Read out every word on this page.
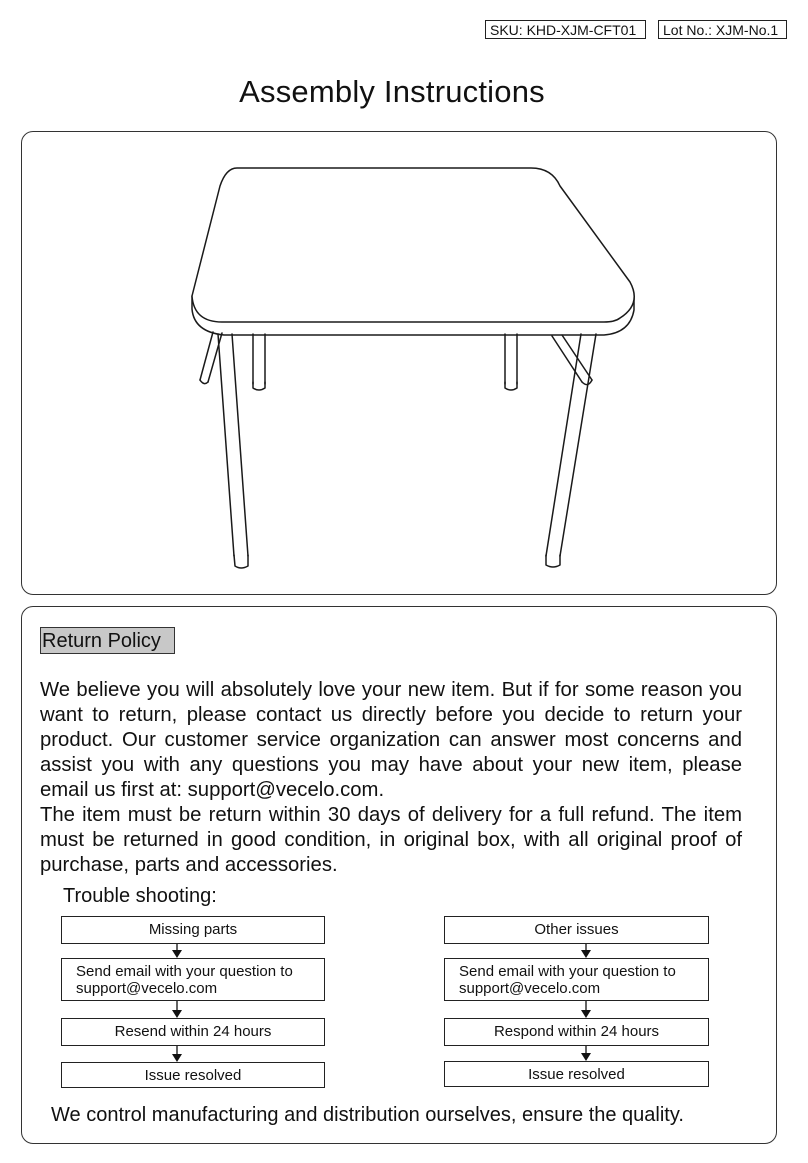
SKU: KHD-XJM-CFT01	Lot No.: XJM-No.1
Assembly Instructions
Return Policy

We believe you will absolutely love your new item. But if for some reason you want to return, please contact us directly before you decide to return your product. Our customer service organization can answer most concerns and assist you with any questions you may have about your new item, please email us first at: support@vecelo.com.

The item must be return within 30 days of delivery for a full refund. The item must be returned in good condition, in original box, with all original proof of purchase, parts and accessories.

Trouble shooting:
Missing parts
Send email with your question to
support@vecelo.com
Resend within 24 hours
Issue resolved
Other issues
Send email with your question to
support@vecelo.com
Respond within 24 hours
Issue resolved
We control manufacturing and distribution ourselves, ensure the quality.
